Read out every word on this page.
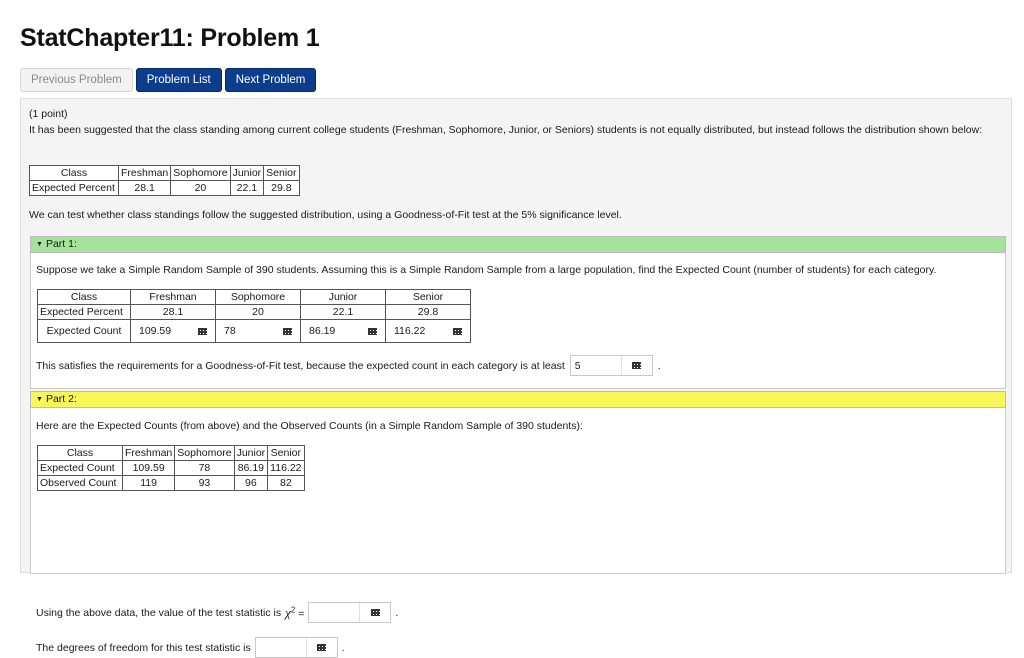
StatChapter11: Problem 1
Previous Problem	Problem List	Next Problem

(1 point)

It has been suggested that the class standing among current college students (Freshman, Sophomore, Junior, or Seniors) students is not equally distributed, but instead follows the distribution shown below:

Class	Freshman	Sophomore	Junior	Senior
Expected Percent	28.1	20	22.1	29.8

We can test whether class standings follow the suggested distribution, using a Goodness-of-Fit test at the 5% significance level.

▼ Part 1:

Suppose we take a Simple Random Sample of 390 students. Assuming this is a Simple Random Sample from a large population, find the Expected Count (number of students) for each category.

Class	Freshman	Sophomore	Junior	Senior
Expected Percent	28.1	20	22.1	29.8
Expected Count	109.59	78	86.19	116.22
This satisfies the requirements for a Goodness-of-Fit test, because the expected count in each category is at least 5	.
▼ Part 2:

Here are the Expected Counts (from above) and the Observed Counts (in a Simple Random Sample of 390 students):

Class	Freshman	Sophomore	Junior	Senior
Expected Count	109.59	78	86.19	116.22
Observed Count	119	93	96	82
Using the above data, the value of the test statistic is $\chi^2$ =	.
The degrees of freedom for this test statistic is	.
